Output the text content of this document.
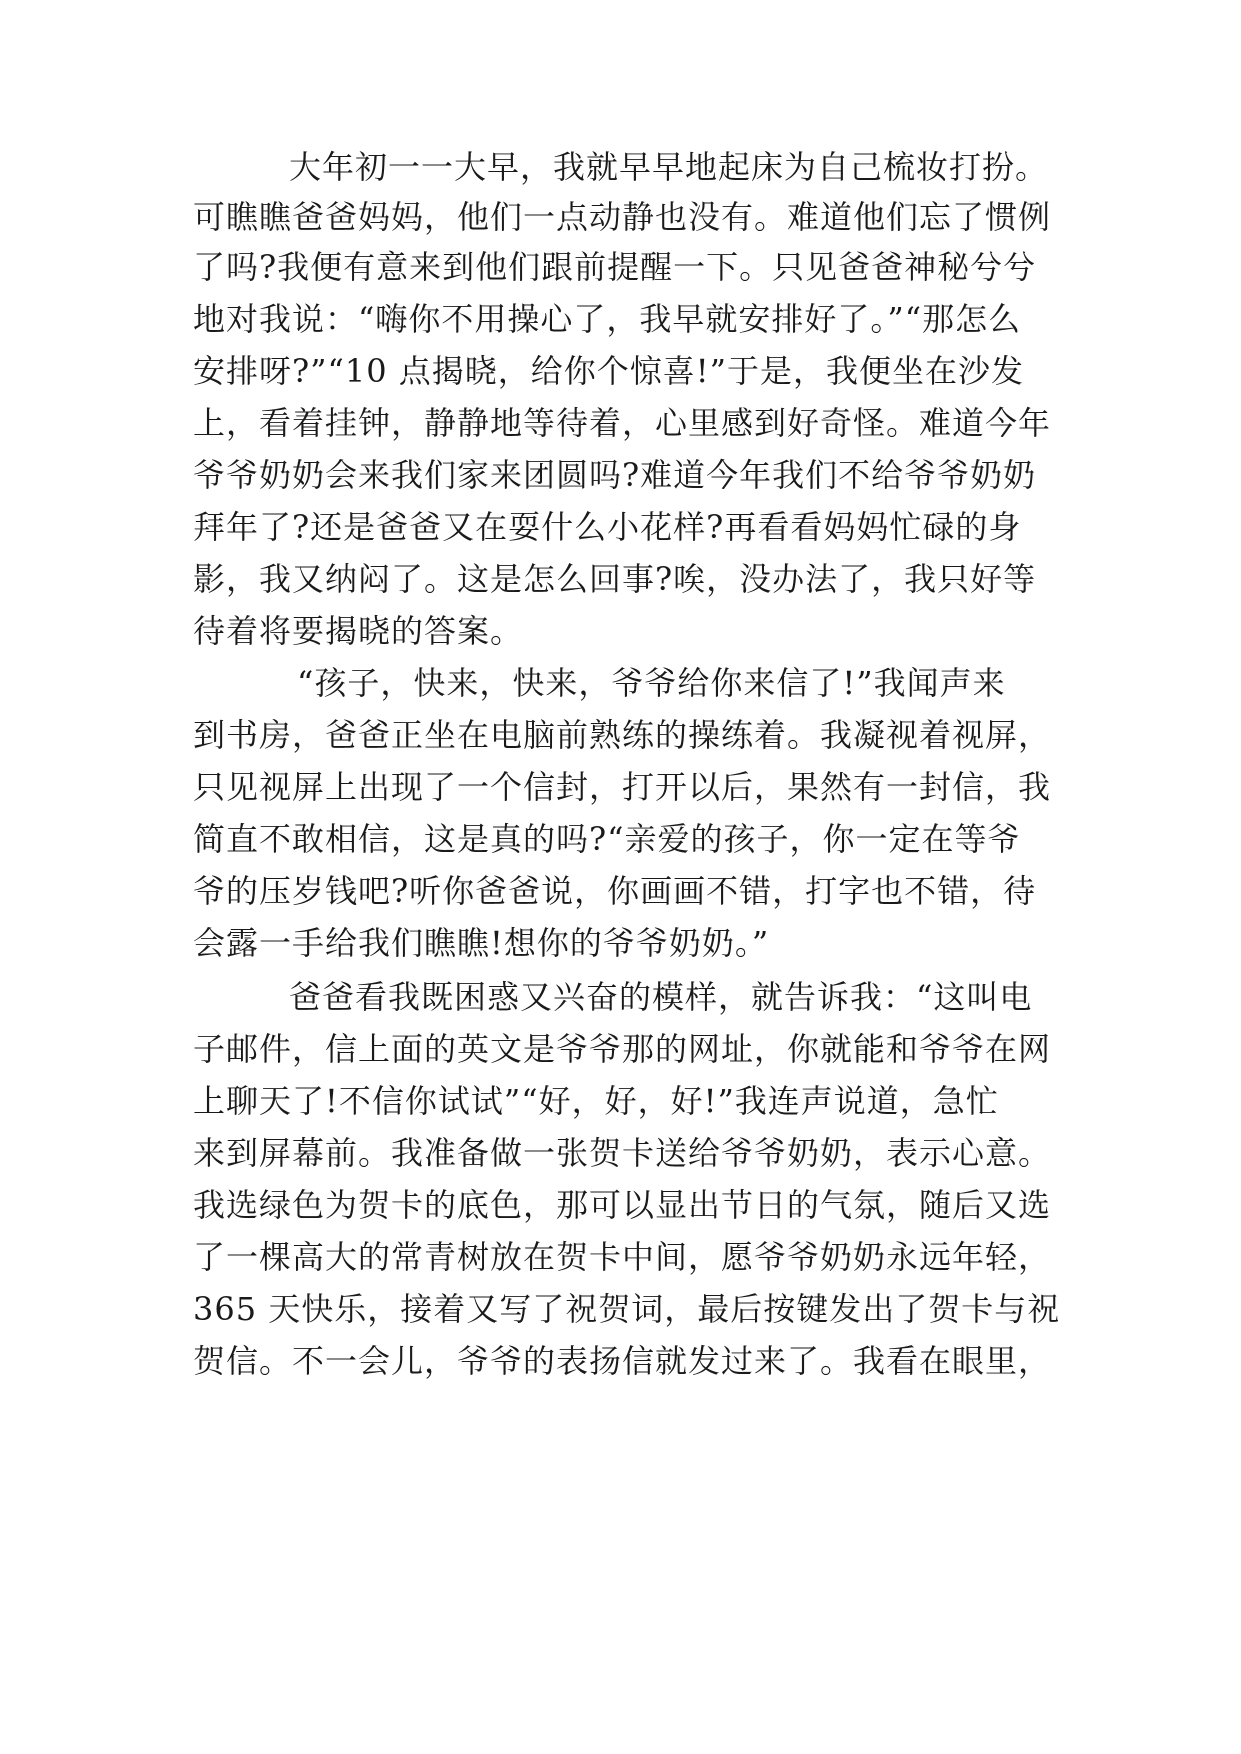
大年初一一大早，我就早早地起床为自己梳妆打扮。
可瞧瞧爸爸妈妈，他们一点动静也没有。难道他们忘了惯例
了吗?我便有意来到他们跟前提醒一下。只见爸爸神秘兮兮
地对我说：“嗨你不用操心了，我早就安排好了。”“那怎么
安排呀?”“10 点揭晓，给你个惊喜!”于是，我便坐在沙发
上，看着挂钟，静静地等待着，心里感到好奇怪。难道今年
爷爷奶奶会来我们家来团圆吗?难道今年我们不给爷爷奶奶
拜年了?还是爸爸又在耍什么小花样?再看看妈妈忙碌的身
影，我又纳闷了。这是怎么回事?唉，没办法了，我只好等
待着将要揭晓的答案。
“孩子，快来，快来，爷爷给你来信了!”我闻声来
到书房，爸爸正坐在电脑前熟练的操练着。我凝视着视屏，
只见视屏上出现了一个信封，打开以后，果然有一封信，我
简直不敢相信，这是真的吗?“亲爱的孩子，你一定在等爷
爷的压岁钱吧?听你爸爸说，你画画不错，打字也不错，待
会露一手给我们瞧瞧!想你的爷爷奶奶。”
爸爸看我既困惑又兴奋的模样，就告诉我：“这叫电
子邮件，信上面的英文是爷爷那的网址，你就能和爷爷在网
上聊天了!不信你试试”“好，好，好!”我连声说道，急忙
来到屏幕前。我准备做一张贺卡送给爷爷奶奶，表示心意。
我选绿色为贺卡的底色，那可以显出节日的气氛，随后又选
了一棵高大的常青树放在贺卡中间，愿爷爷奶奶永远年轻，
365 天快乐，接着又写了祝贺词，最后按键发出了贺卡与祝
贺信。不一会儿，爷爷的表扬信就发过来了。我看在眼里，
